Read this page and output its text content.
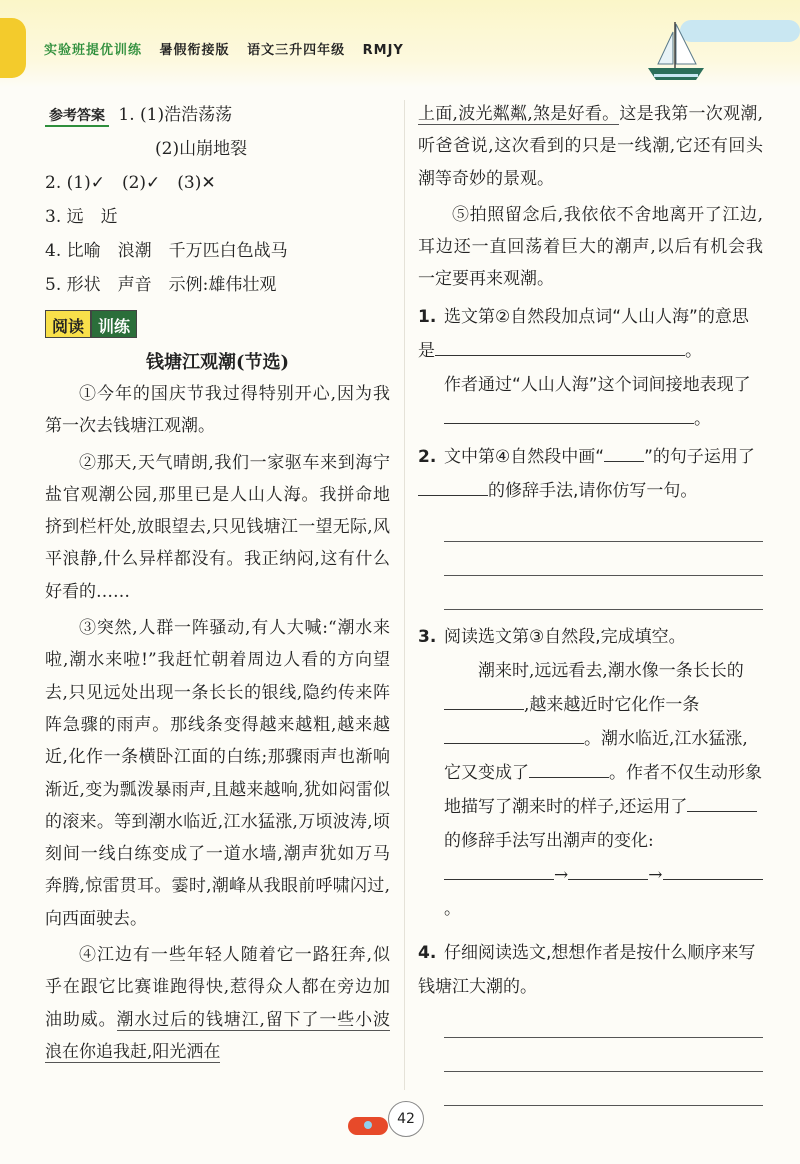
实验班提优训练 暑假衔接版 语文三升四年级 RMJY
参考答案 1. (1)浩浩荡荡
(2)山崩地裂
2. (1)✓　(2)✓　(3)✕
3. 远　近
4. 比喻　浪潮　千万匹白色战马
5. 形状　声音　示例:雄伟壮观
阅读 训练
钱塘江观潮(节选)

①今年的国庆节我过得特别开心,因为我第一次去钱塘江观潮。

②那天,天气晴朗,我们一家驱车来到海宁盐官观潮公园,那里已是人山人海。我拼命地挤到栏杆处,放眼望去,只见钱塘江一望无际,风平浪静,什么异样都没有。我正纳闷,这有什么好看的……

③突然,人群一阵骚动,有人大喊:“潮水来啦,潮水来啦!”我赶忙朝着周边人看的方向望去,只见远处出现一条长长的银线,隐约传来阵阵急骤的雨声。那线条变得越来越粗,越来越近,化作一条横卧江面的白练;那骤雨声也渐响渐近,变为瓢泼暴雨声,且越来越响,犹如闷雷似的滚来。等到潮水临近,江水猛涨,万顷波涛,顷刻间一线白练变成了一道水墙,潮声犹如万马奔腾,惊雷贯耳。霎时,潮峰从我眼前呼啸闪过,向西面驶去。

④江边有一些年轻人随着它一路狂奔,似乎在跟它比赛谁跑得快,惹得众人都在旁边加油助威。潮水过后的钱塘江,留下了一些小波浪在你追我赶,阳光洒在

上面,波光粼粼,煞是好看。这是我第一次观潮,听爸爸说,这次看到的只是一线潮,它还有回头潮等奇妙的景观。

⑤拍照留念后,我依依不舍地离开了江边,耳边还一直回荡着巨大的潮声,以后有机会我一定要再来观潮。

1. 选文第②自然段加点词“人山人海”的意思是	。
作者通过“人山人海”这个词间接地表现了。
2. 文中第④自然段中画“ ”的句子运用了的修辞手法,请你仿写一句。
3. 阅读选文第③自然段,完成填空。
潮来时,远远看去,潮水像一条长长的,越来越近时它化作一条。潮水临近,江水猛涨,它又变成了	。作者不仅生动形象地描写了潮来时的样子,还运用了的修辞手法写出潮声的变化:→	→。
4. 仔细阅读选文,想想作者是按什么顺序来写钱塘江大潮的。
42
